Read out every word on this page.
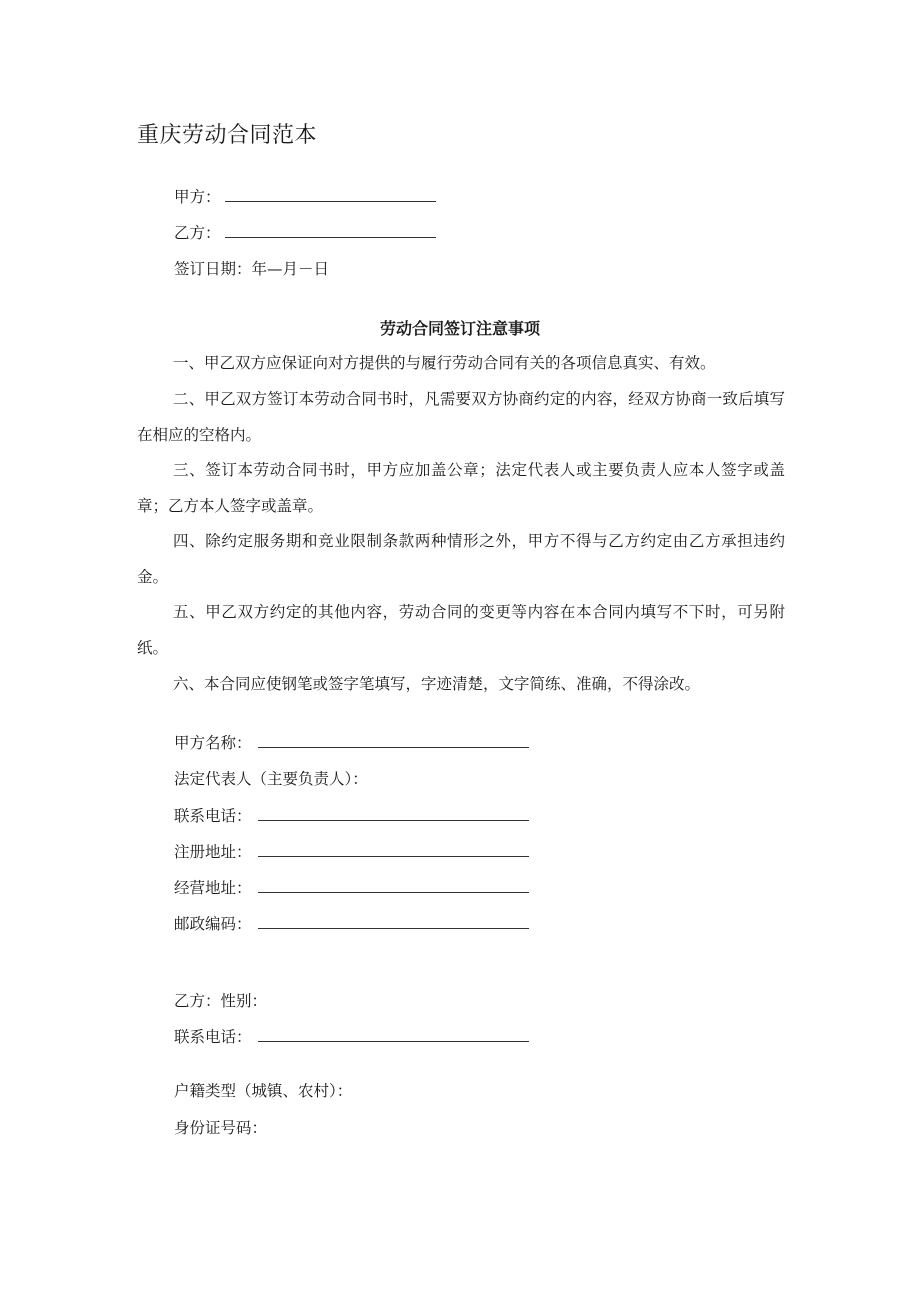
重庆劳动合同范本
甲方：
乙方：
签订日期：年—月－日
劳动合同签订注意事项

一、甲乙双方应保证向对方提供的与履行劳动合同有关的各项信息真实、有效。

二、甲乙双方签订本劳动合同书时，凡需要双方协商约定的内容，经双方协商一致后填写在相应的空格内。

三、签订本劳动合同书时，甲方应加盖公章；法定代表人或主要负责人应本人签字或盖章；乙方本人签字或盖章。

四、除约定服务期和竞业限制条款两种情形之外，甲方不得与乙方约定由乙方承担违约金。

五、甲乙双方约定的其他内容，劳动合同的变更等内容在本合同内填写不下时，可另附纸。

六、本合同应使钢笔或签字笔填写，字迹清楚，文字简练、准确，不得涂改。

甲方名称：
法定代表人（主要负责人）：
联系电话：
注册地址：
经营地址：
邮政编码：
乙方：性别：
联系电话：
户籍类型（城镇、农村）：
身份证号码：
